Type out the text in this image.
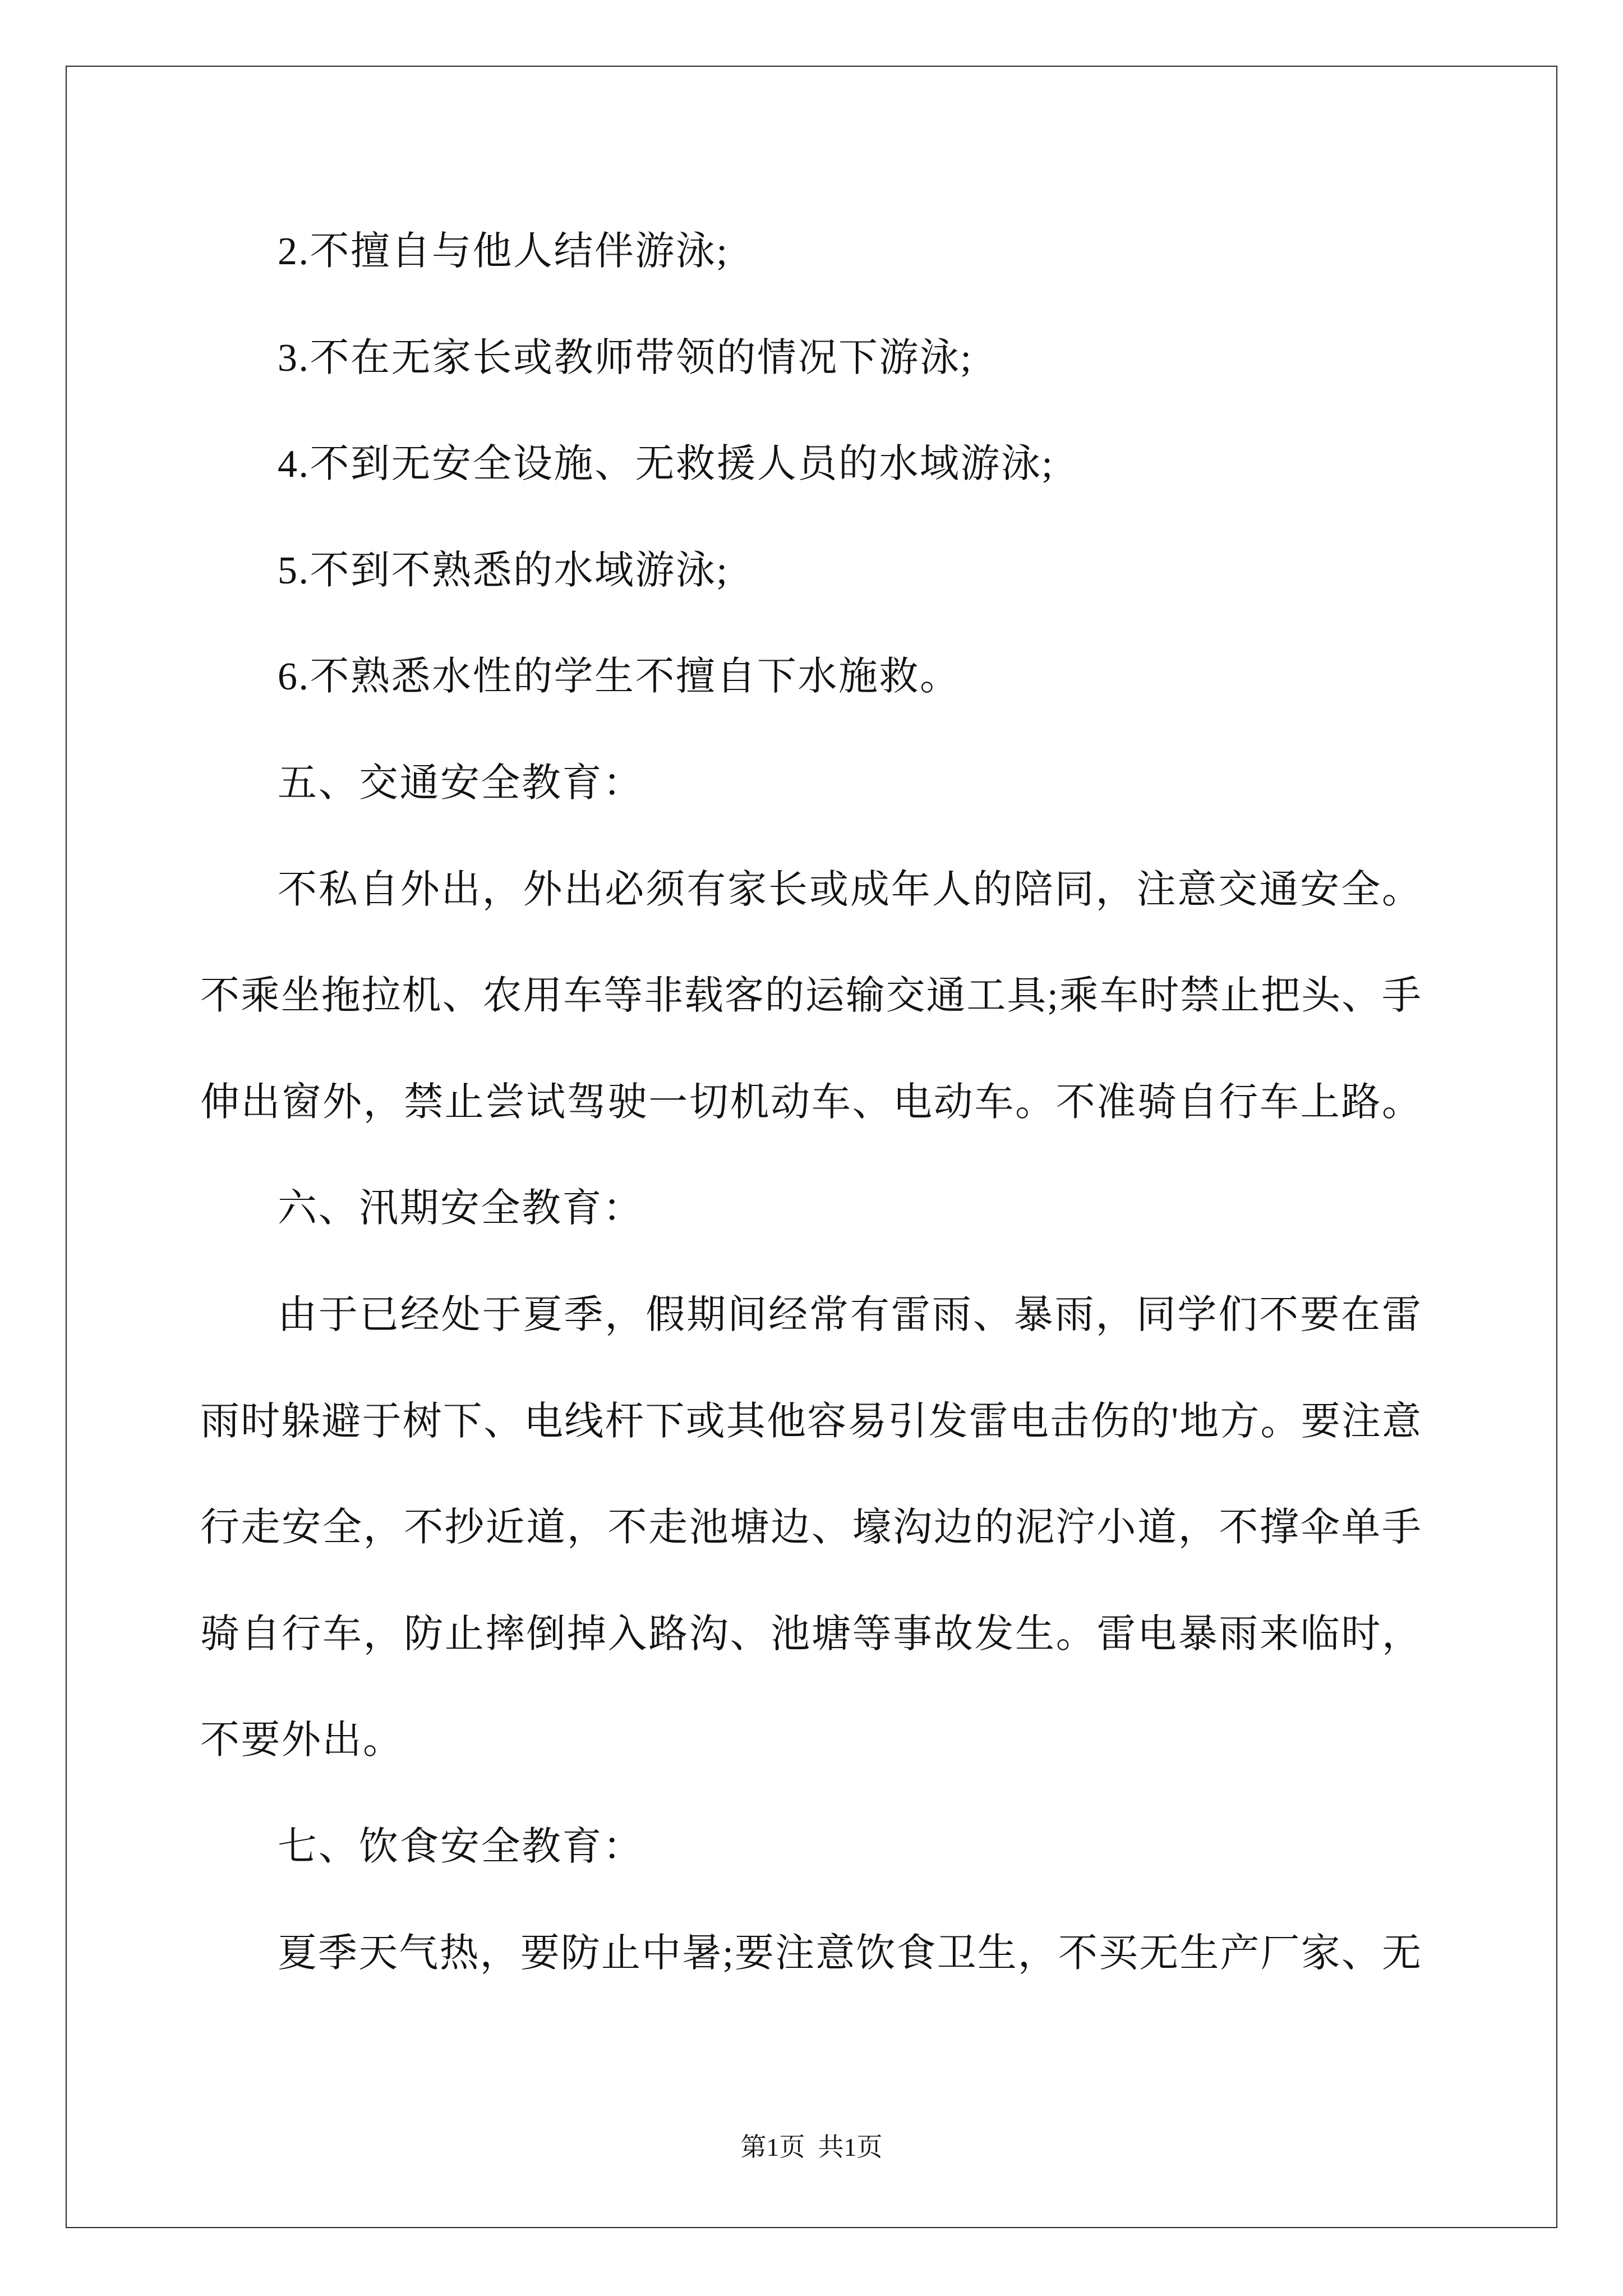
2.不擅自与他人结伴游泳;
3.不在无家长或教师带领的情况下游泳;
4.不到无安全设施、无救援人员的水域游泳;
5.不到不熟悉的水域游泳;
6.不熟悉水性的学生不擅自下水施救。
五、交通安全教育：
不私自外出，外出必须有家长或成年人的陪同，注意交通安全。
不乘坐拖拉机、农用车等非载客的运输交通工具;乘车时禁止把头、手
伸出窗外，禁止尝试驾驶一切机动车、电动车。不准骑自行车上路。
六、汛期安全教育：
由于已经处于夏季，假期间经常有雷雨、暴雨，同学们不要在雷
雨时躲避于树下、电线杆下或其他容易引发雷电击伤的'地方。要注意
行走安全，不抄近道，不走池塘边、壕沟边的泥泞小道，不撑伞单手
骑自行车，防止摔倒掉入路沟、池塘等事故发生。雷电暴雨来临时，
不要外出。
七、饮食安全教育：
夏季天气热，要防止中暑;要注意饮食卫生，不买无生产厂家、无
第1页  共1页
